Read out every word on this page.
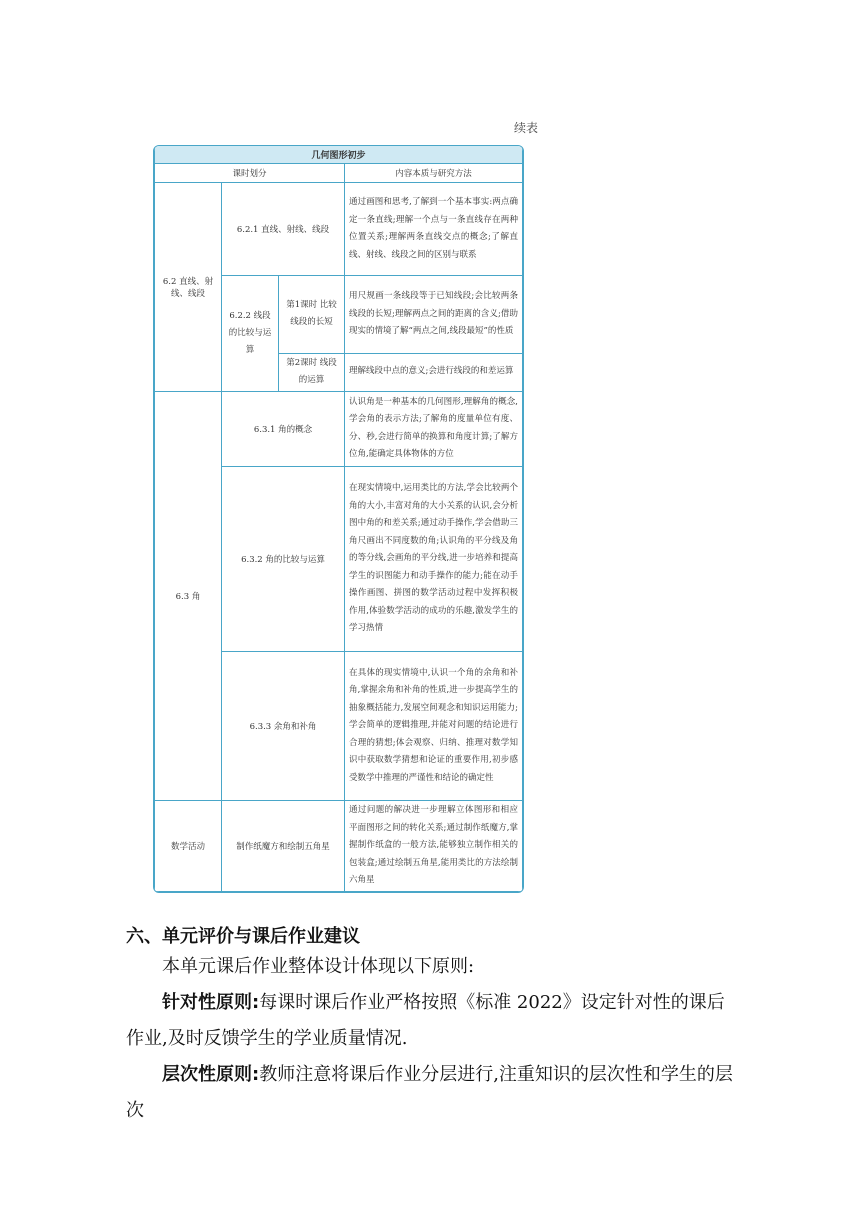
续表
几何图形初步			
课时划分			内容本质与研究方法
6.2 直线、射线、线段	6.2.1 直线、射线、线段		通过画图和思考,了解到一个基本事实:两点确定一条直线;理解一个点与一条直线存在两种位置关系;理解两条直线交点的概念;了解直线、射线、线段之间的区别与联系
	6.2.2 线段的比较与运算	第1课时 比较线段的长短	用尺规画一条线段等于已知线段;会比较两条线段的长短;理解两点之间的距离的含义;借助现实的情境了解“两点之间,线段最短”的性质
		第2课时 线段的运算	理解线段中点的意义;会进行线段的和差运算
6.3 角	6.3.1 角的概念		认识角是一种基本的几何图形,理解角的概念,学会角的表示方法;了解角的度量单位有度、分、秒,会进行简单的换算和角度计算;了解方位角,能确定具体物体的方位
	6.3.2 角的比较与运算		在现实情境中,运用类比的方法,学会比较两个角的大小,丰富对角的大小关系的认识,会分析图中角的和差关系;通过动手操作,学会借助三角尺画出不同度数的角;认识角的平分线及角的等分线,会画角的平分线,进一步培养和提高学生的识图能力和动手操作的能力;能在动手操作画图、拼图的数学活动过程中发挥积极作用,体验数学活动的成功的乐趣,激发学生的学习热情
	6.3.3 余角和补角		在具体的现实情境中,认识一个角的余角和补角,掌握余角和补角的性质,进一步提高学生的抽象概括能力,发展空间观念和知识运用能力;学会简单的逻辑推理,并能对问题的结论进行合理的猜想;体会观察、归纳、推理对数学知识中获取数学猜想和论证的重要作用,初步感受数学中推理的严谨性和结论的确定性
数学活动	制作纸魔方和绘制五角星		通过问题的解决进一步理解立体图形和相应平面图形之间的转化关系;通过制作纸魔方,掌握制作纸盒的一般方法,能够独立制作相关的包装盒;通过绘制五角星,能用类比的方法绘制六角星
六、单元评价与课后作业建议
本单元课后作业整体设计体现以下原则:
针对性原则:每课时课后作业严格按照《标准 2022》设定针对性的课后作业,及时反馈学生的学业质量情况.
层次性原则:教师注意将课后作业分层进行,注重知识的层次性和学生的层次
